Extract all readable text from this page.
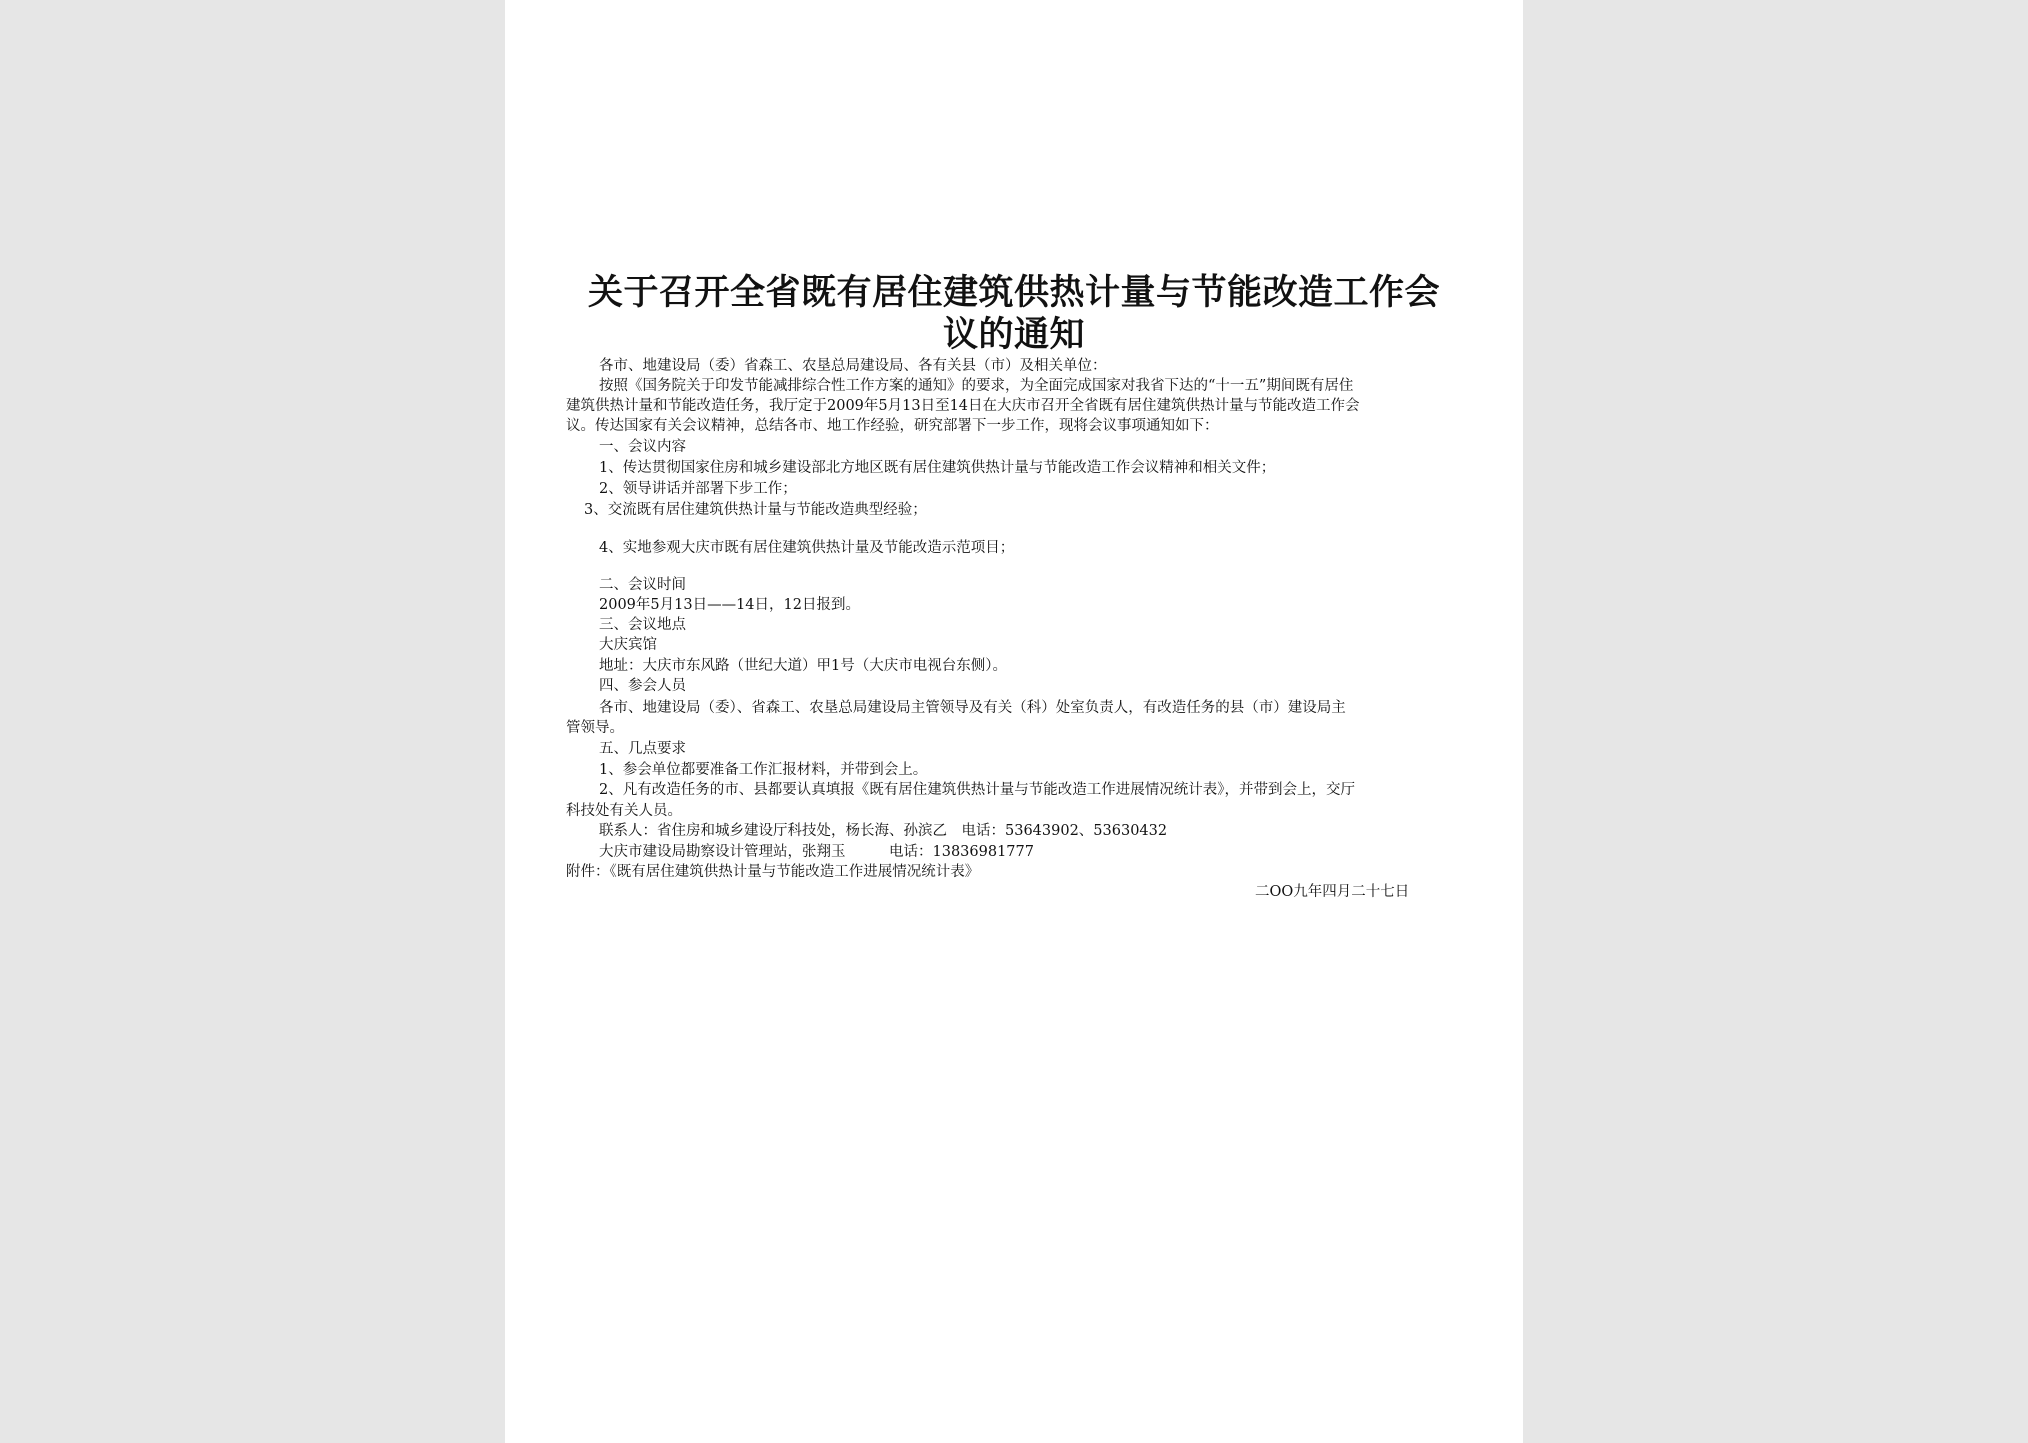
关于召开全省既有居住建筑供热计量与节能改造工作会
议的通知
各市、地建设局（委）省森工、农垦总局建设局、各有关县（市）及相关单位：
按照《国务院关于印发节能减排综合性工作方案的通知》的要求，为全面完成国家对我省下达的“十一五”期间既有居住
建筑供热计量和节能改造任务，我厅定于2009年5月13日至14日在大庆市召开全省既有居住建筑供热计量与节能改造工作会
议。传达国家有关会议精神，总结各市、地工作经验，研究部署下一步工作，现将会议事项通知如下：
一、会议内容
1、传达贯彻国家住房和城乡建设部北方地区既有居住建筑供热计量与节能改造工作会议精神和相关文件；
2、领导讲话并部署下步工作；
3、交流既有居住建筑供热计量与节能改造典型经验；
4、实地参观大庆市既有居住建筑供热计量及节能改造示范项目；
二、会议时间
2009年5月13日——14日，12日报到。
三、会议地点
大庆宾馆
地址：大庆市东风路（世纪大道）甲1号（大庆市电视台东侧）。
四、参会人员
各市、地建设局（委）、省森工、农垦总局建设局主管领导及有关（科）处室负责人，有改造任务的县（市）建设局主
管领导。
五、几点要求
1、参会单位都要准备工作汇报材料，并带到会上。
2、凡有改造任务的市、县都要认真填报《既有居住建筑供热计量与节能改造工作进展情况统计表》，并带到会上，交厅
科技处有关人员。
联系人：省住房和城乡建设厅科技处，杨长海、孙滨乙　电话：53643902、53630432
大庆市建设局勘察设计管理站，张翔玉　　　电话：13836981777
附件：《既有居住建筑供热计量与节能改造工作进展情况统计表》
二OO九年四月二十七日
